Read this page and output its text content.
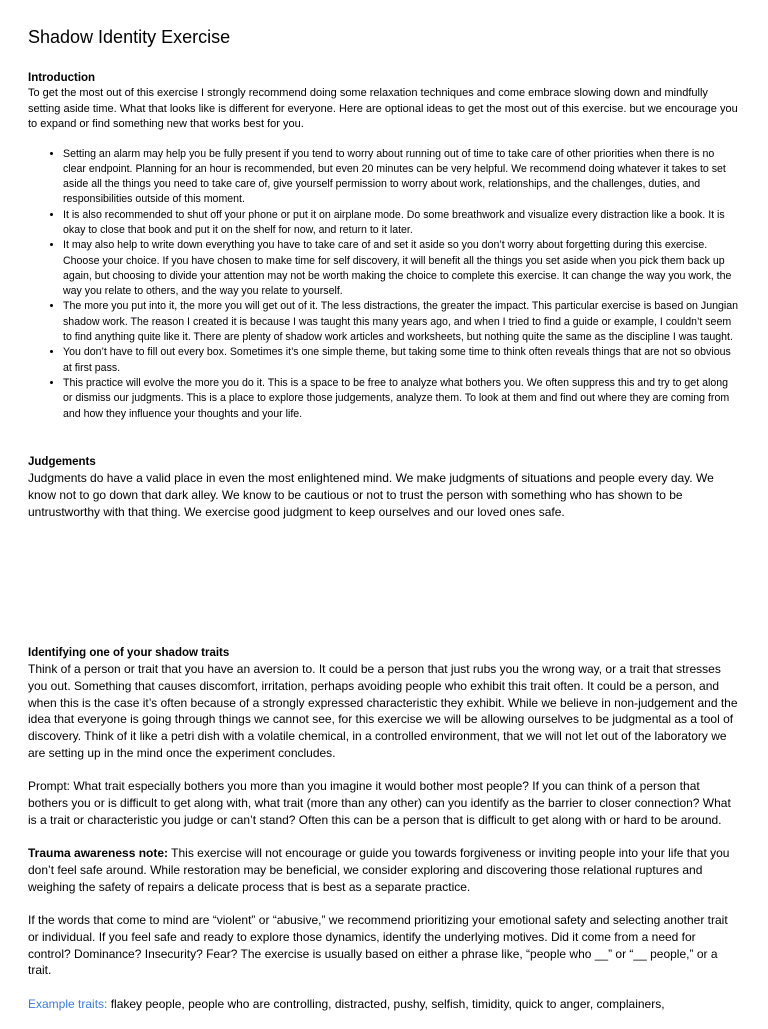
Shadow Identity Exercise

Introduction

To get the most out of this exercise I strongly recommend doing some relaxation techniques and come embrace slowing down and mindfully setting aside time. What that looks like is different for everyone. Here are optional ideas to get the most out of this exercise. but we encourage you to expand or find something new that works best for you.

• Setting an alarm may help you be fully present if you tend to worry about running out of time to take care of other priorities when there is no clear endpoint. Planning for an hour is recommended, but even 20 minutes can be very helpful. We recommend doing whatever it takes to set aside all the things you need to take care of, give yourself permission to worry about work, relationships, and the challenges, duties, and responsibilities outside of this moment.
• It is also recommended to shut off your phone or put it on airplane mode. Do some breathwork and visualize every distraction like a book. It is okay to close that book and put it on the shelf for now, and return to it later.
• It may also help to write down everything you have to take care of and set it aside so you don’t worry about forgetting during this exercise. Choose your choice. If you have chosen to make time for self discovery, it will benefit all the things you set aside when you pick them back up again, but choosing to divide your attention may not be worth making the choice to complete this exercise. It can change the way you work, the way you relate to others, and the way you relate to yourself.
• The more you put into it, the more you will get out of it. The less distractions, the greater the impact. This particular exercise is based on Jungian shadow work. The reason I created it is because I was taught this many years ago, and when I tried to find a guide or example, I couldn’t seem to find anything quite like it. There are plenty of shadow work articles and worksheets, but nothing quite the same as the discipline I was taught.
• You don’t have to fill out every box. Sometimes it’s one simple theme, but taking some time to think often reveals things that are not so obvious at first pass.
• This practice will evolve the more you do it. This is a space to be free to analyze what bothers you. We often suppress this and try to get along or dismiss our judgments. This is a place to explore those judgements, analyze them. To look at them and find out where they are coming from and how they influence your thoughts and your life.

Judgements

Judgments do have a valid place in even the most enlightened mind. We make judgments of situations and people every day. We know not to go down that dark alley. We know to be cautious or not to trust the person with something who has shown to be untrustworthy with that thing. We exercise good judgment to keep ourselves and our loved ones safe.

Identifying one of your shadow traits
Think of a person or trait that you have an aversion to. It could be a person that just rubs you the wrong way, or a trait that stresses you out. Something that causes discomfort, irritation, perhaps avoiding people who exhibit this trait often. It could be a person, and when this is the case it’s often because of a strongly expressed characteristic they exhibit. While we believe in non-judgement and the idea that everyone is going through things we cannot see, for this exercise we will be allowing ourselves to be judgmental as a tool of discovery. Think of it like a petri dish with a volatile chemical, in a controlled environment, that we will not let out of the laboratory we are setting up in the mind once the experiment concludes.

Prompt: What trait especially bothers you more than you imagine it would bother most people? If you can think of a person that bothers you or is difficult to get along with, what trait (more than any other) can you identify as the barrier to closer connection? What is a trait or characteristic you judge or can’t stand? Often this can be a person that is difficult to get along with or hard to be around.

Trauma awareness note: This exercise will not encourage or guide you towards forgiveness or inviting people into your life that you don’t feel safe around. While restoration may be beneficial, we consider exploring and discovering those relational ruptures and weighing the safety of repairs a delicate process that is best as a separate practice.

If the words that come to mind are “violent” or “abusive,” we recommend prioritizing your emotional safety and selecting another trait or individual. If you feel safe and ready to explore those dynamics, identify the underlying motives. Did it come from a need for control? Dominance? Insecurity? Fear? The exercise is usually based on either a phrase like, “people who __” or “__ people,” or a trait.

Example traits: flakey people, people who are controlling, distracted, pushy, selfish, timidity, quick to anger, complainers,
